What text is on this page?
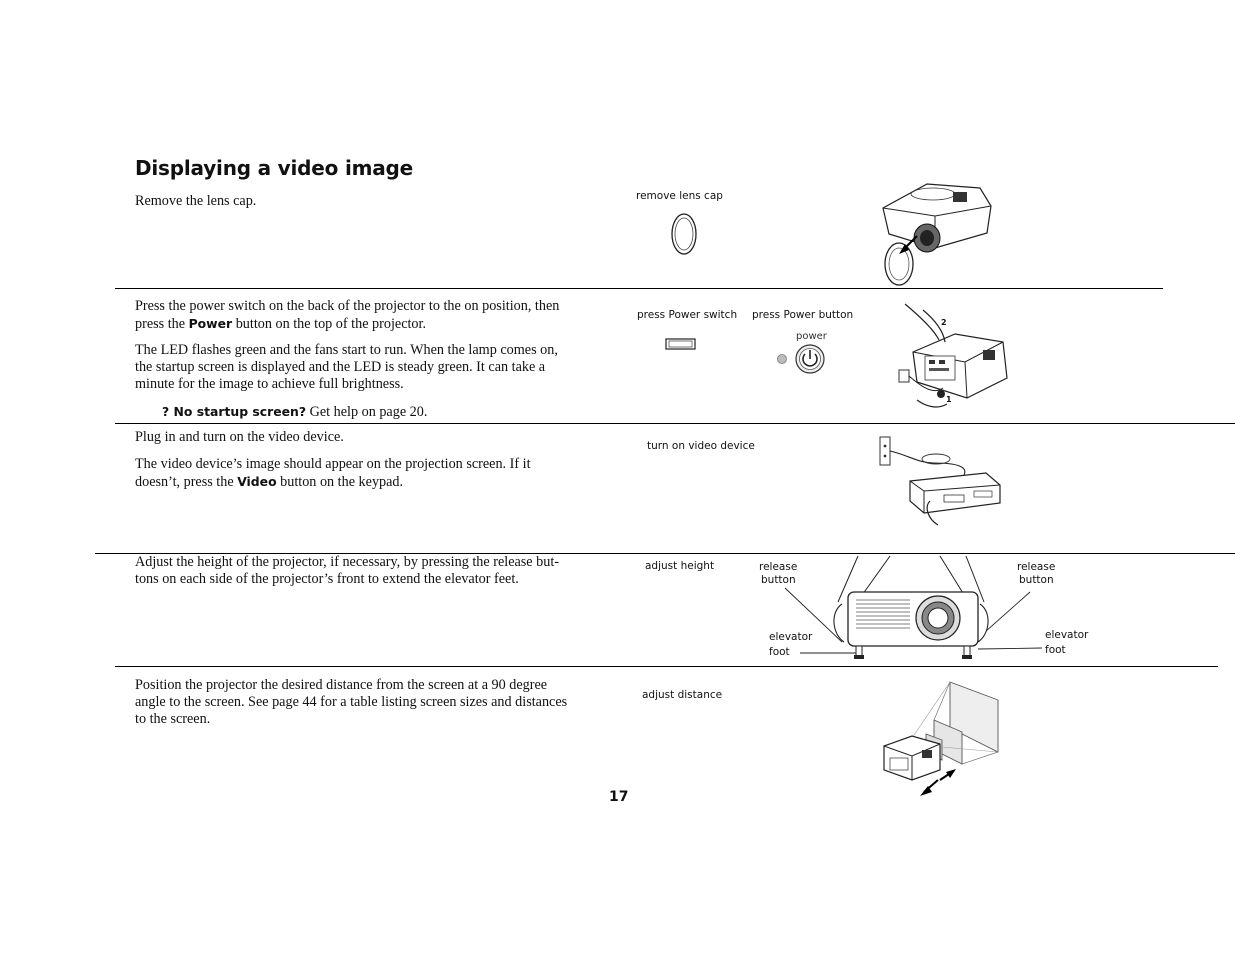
Displaying a video image
Remove the lens cap.	remove lens cap
Press the power switch on the back of the projector to the on position, then
press the Power button on the top of the projector.
The LED flashes green and the fans start to run. When the lamp comes on,
the startup screen is displayed and the LED is steady green. It can take a
minute for the image to achieve full brightness.
? No startup screen? Get help on page 20.
press Power switch press Power button
power
2
1
Plug in and turn on the video device.
The video device’s image should appear on the projection screen. If it
doesn’t, press the Video button on the keypad.
turn on video device
Adjust the height of the projector, if necessary, by pressing the release but-
tons on each side of the projector’s front to extend the elevator feet.
adjust height	release
button
release
button
elevator
foot
elevator
foot
Position the projector the desired distance from the screen at a 90 degree
angle to the screen. See page 44 for a table listing screen sizes and distances
to the screen.
adjust distance
17
